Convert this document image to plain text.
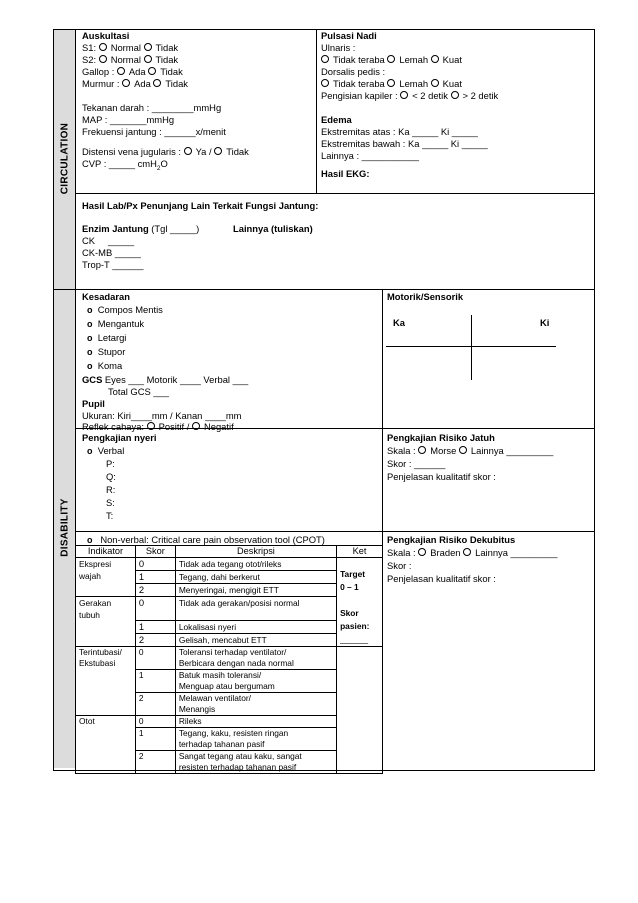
CIRCULATION
DISABILITY
Auskultasi
S1: Normal Tidak
S2: Normal Tidak
Gallop : Ada Tidak
Murmur : Ada Tidak
Tekanan darah : ________mmHg
MAP : _______mmHg
Frekuensi jantung : ______x/menit
Distensi vena jugularis : Ya / Tidak
CVP : _____ cmH$_2$O
Pulsasi Nadi
Ulnaris :
Tidak teraba Lemah Kuat
Dorsalis pedis :
Tidak teraba Lemah Kuat
Pengisian kapiler : < 2 detik > 2 detik
Edema
Ekstremitas atas : Ka _____ Ki _____
Ekstremitas bawah : Ka _____ Ki _____
Lainnya : ___________
Hasil EKG:
Hasil Lab/Px Penunjang Lain Terkait Fungsi Jantung:
Enzim Jantung (Tgl _____)	Lainnya (tuliskan)
CK     _____
CK-MB _____
Trop-T ______
Kesadaran
o Compos Mentis
o Mengantuk
o Letargi
o Stupor
o Koma
GCS Eyes ___ Motorik ____ Verbal ___
Total GCS ___
Pupil
Ukuran: Kiri____mm / Kanan ____mm
Reflek cahaya: Positif / Negatif
Motorik/Sensorik
Ka	Ki
Pengkajian nyeri
o Verbal
P:
Q:
R:
S:
T:
Pengkajian Risiko Jatuh
Skala : Morse Lainnya _________
Skor : ______
Penjelasan kualitatif skor :
o Non-verbal: Critical care pain observation tool (CPOT)
Indikator	Skor	Deskripsi	Ket
Ekspresi
wajah	0	Tidak ada tegang otot/rileks	Target
0 – 1

Skor
pasien:
______
	1	Tegang, dahi berkerut	
	2	Menyeringai, mengigit ETT	
Gerakan
tubuh	0	Tidak ada gerakan/posisi normal	
	1	Lokalisasi nyeri	
	2	Gelisah, mencabut ETT	
Terintubasi/
Ekstubasi	0	Toleransi terhadap ventilator/
Berbicara dengan nada normal	
	1	Batuk masih toleransi/
Menguap atau bergumam	
	2	Melawan ventilator/
Menangis	
Otot	0	Rileks	
	1	Tegang, kaku, resisten ringan
terhadap tahanan pasif	
	2	Sangat tegang atau kaku, sangat
resisten terhadap tahanan pasif	
Pengkajian Risiko Dekubitus
Skala : Braden Lainnya _________
Skor :
Penjelasan kualitatif skor :
